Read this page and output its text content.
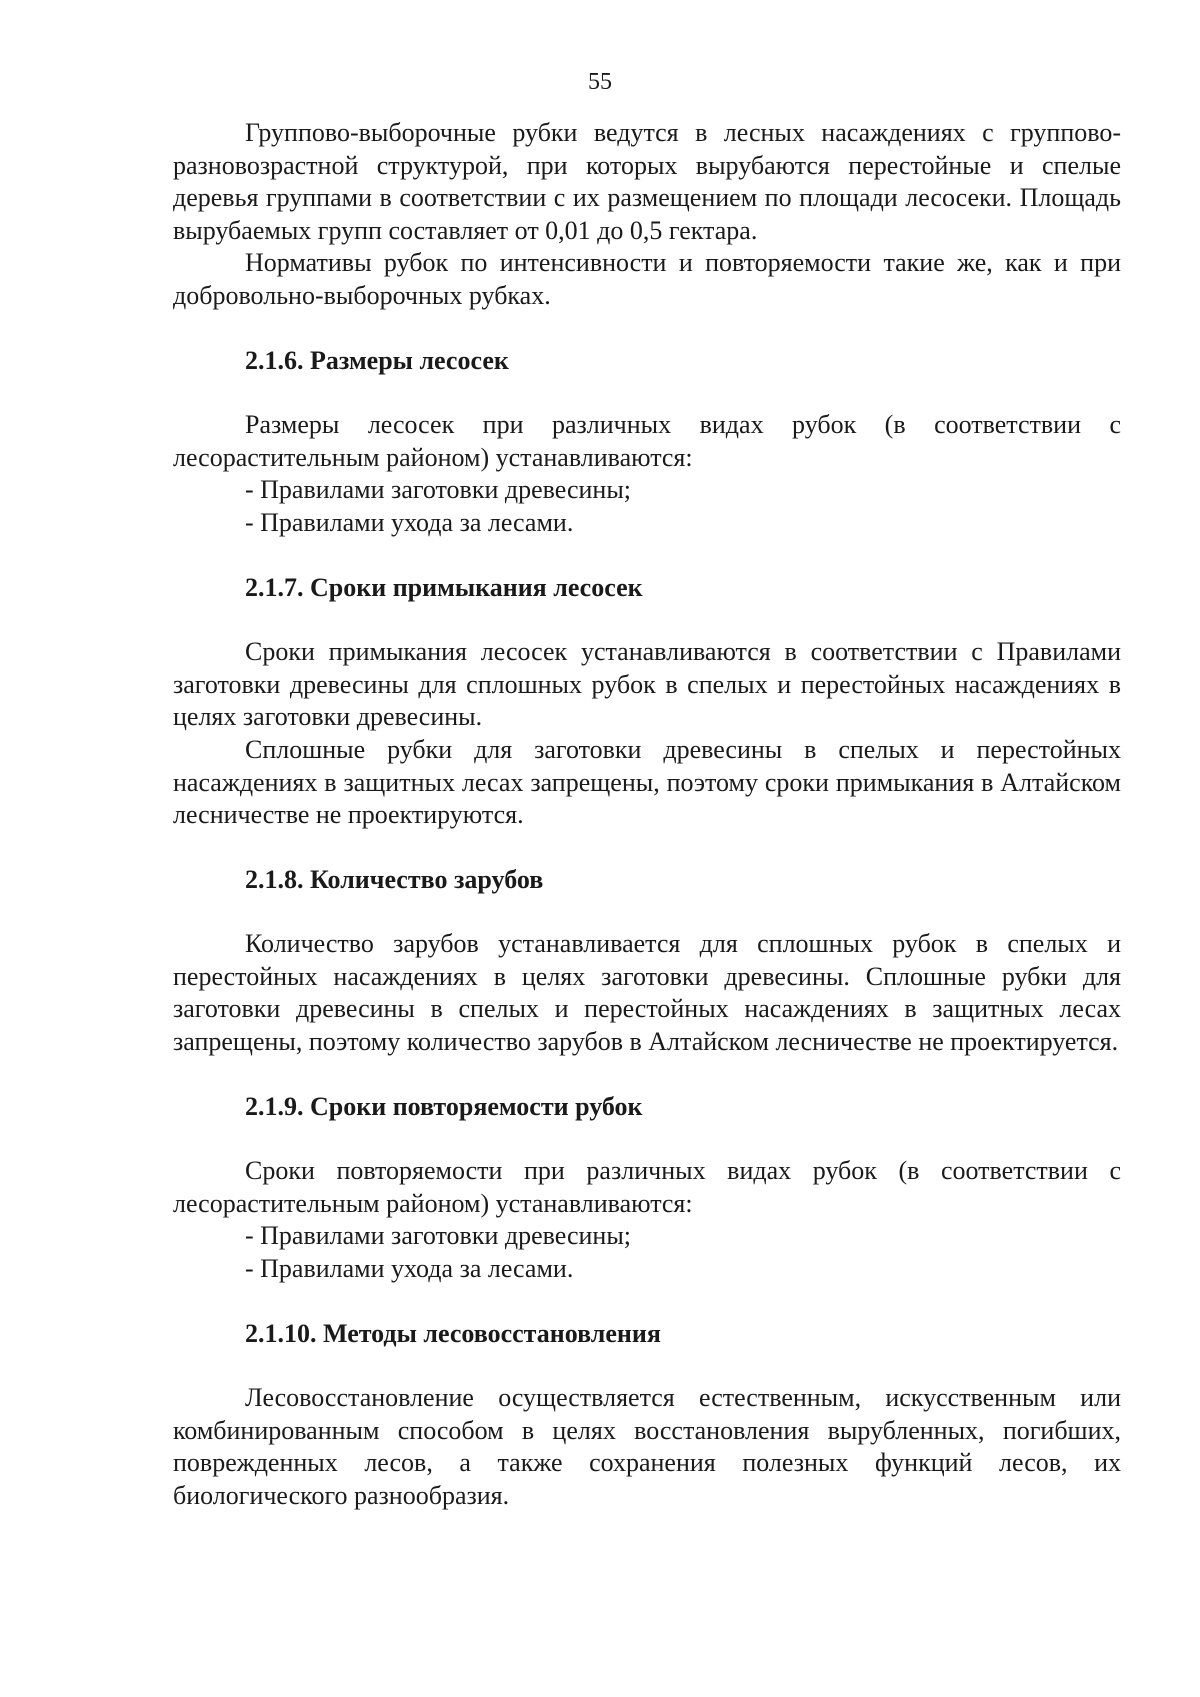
55

Группово-выборочные рубки ведутся в лесных насаждениях с группово-разновозрастной структурой, при которых вырубаются перестойные и спелые деревья группами в соответствии с их размещением по площади лесосеки. Площадь вырубаемых групп составляет от 0,01 до 0,5 гектара.

Нормативы рубок по интенсивности и повторяемости такие же, как и при добровольно-выборочных рубках.

2.1.6. Размеры лесосек

Размеры лесосек при различных видах рубок (в соответствии с лесорастительным районом) устанавливаются:

- Правилами заготовки древесины;

- Правилами ухода за лесами.

2.1.7. Сроки примыкания лесосек

Сроки примыкания лесосек устанавливаются в соответствии с Правилами заготовки древесины для сплошных рубок в спелых и перестойных насаждениях в целях заготовки древесины.

Сплошные рубки для заготовки древесины в спелых и перестойных насаждениях в защитных лесах запрещены, поэтому сроки примыкания в Алтайском лесничестве не проектируются.

2.1.8. Количество зарубов

Количество зарубов устанавливается для сплошных рубок в спелых и перестойных насаждениях в целях заготовки древесины. Сплошные рубки для заготовки древесины в спелых и перестойных насаждениях в защитных лесах запрещены, поэтому количество зарубов в Алтайском лесничестве не проектируется.

2.1.9. Сроки повторяемости рубок

Сроки повторяемости при различных видах рубок (в соответствии с лесорастительным районом) устанавливаются:

- Правилами заготовки древесины;

- Правилами ухода за лесами.

2.1.10. Методы лесовосстановления

Лесовосстановление осуществляется естественным, искусственным или комбинированным способом в целях восстановления вырубленных, погибших, поврежденных лесов, а также сохранения полезных функций лесов, их биологического разнообразия.
